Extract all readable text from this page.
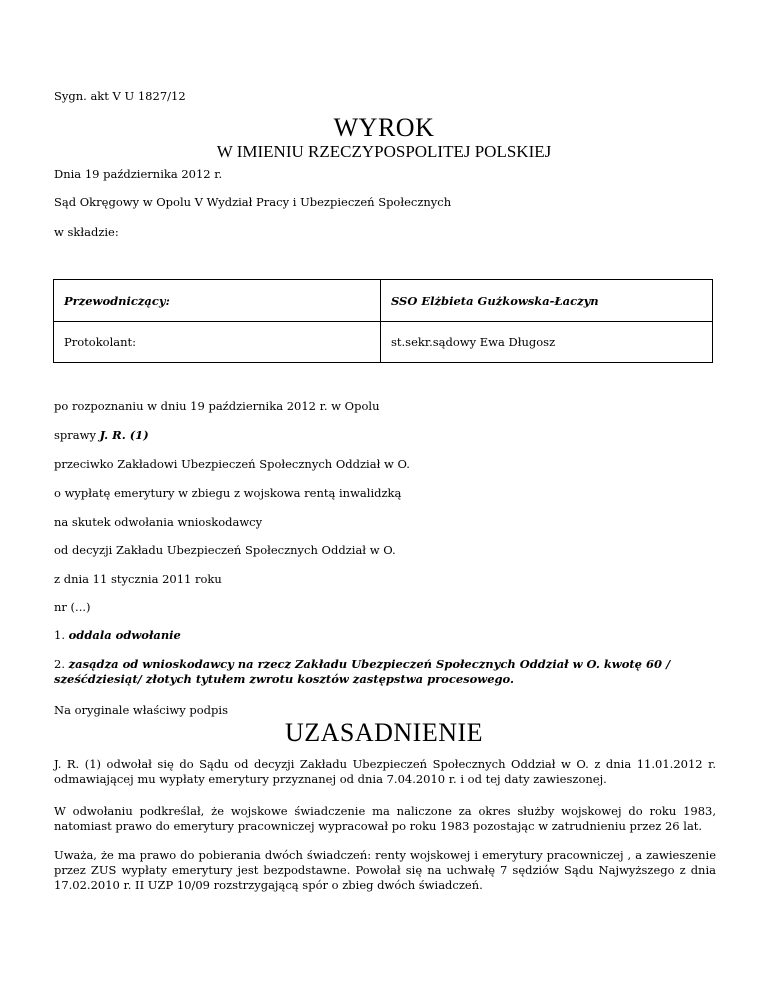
Sygn. akt V U 1827/12

WYROK

W IMIENIU RZECZYPOSPOLITEJ POLSKIEJ

Dnia 19 października 2012 r.

Sąd Okręgowy w Opolu V Wydział Pracy i Ubezpieczeń Społecznych

w składzie:

Przewodniczący:	SSO Elżbieta Gużkowska-Łaczyn
Protokolant:	st.sekr.sądowy Ewa Długosz

po rozpoznaniu w dniu 19 października 2012 r. w Opolu

sprawy J. R. (1)

przeciwko Zakładowi Ubezpieczeń Społecznych Oddział w O.

o wypłatę emerytury w zbiegu z wojskowa rentą inwalidzką

na skutek odwołania wnioskodawcy

od decyzji Zakładu Ubezpieczeń Społecznych Oddział w O.

z dnia 11 stycznia 2011 roku

nr (...)

1. oddala odwołanie

2. zasądza od wnioskodawcy na rzecz Zakładu Ubezpieczeń Społecznych Oddział w O. kwotę 60 / sześćdziesiąt/ złotych tytułem zwrotu kosztów zastępstwa procesowego.

Na oryginale właściwy podpis

UZASADNIENIE

J. R. (1) odwołał się do Sądu od decyzji Zakładu Ubezpieczeń Społecznych Oddział w O. z dnia 11.01.2012 r. odmawiającej mu wypłaty emerytury przyznanej od dnia 7.04.2010 r. i od tej daty zawieszonej.

W odwołaniu podkreślał, że wojskowe świadczenie ma naliczone za okres służby wojskowej do roku 1983, natomiast prawo do emerytury pracowniczej wypracował po roku 1983 pozostając w zatrudnieniu przez 26 lat.

Uważa, że ma prawo do pobierania dwóch świadczeń: renty wojskowej i emerytury pracowniczej , a zawieszenie przez ZUS wypłaty emerytury jest bezpodstawne. Powołał się na uchwałę 7 sędziów Sądu Najwyższego z dnia 17.02.2010 r. II UZP 10/09 rozstrzygającą spór o zbieg dwóch świadczeń.
